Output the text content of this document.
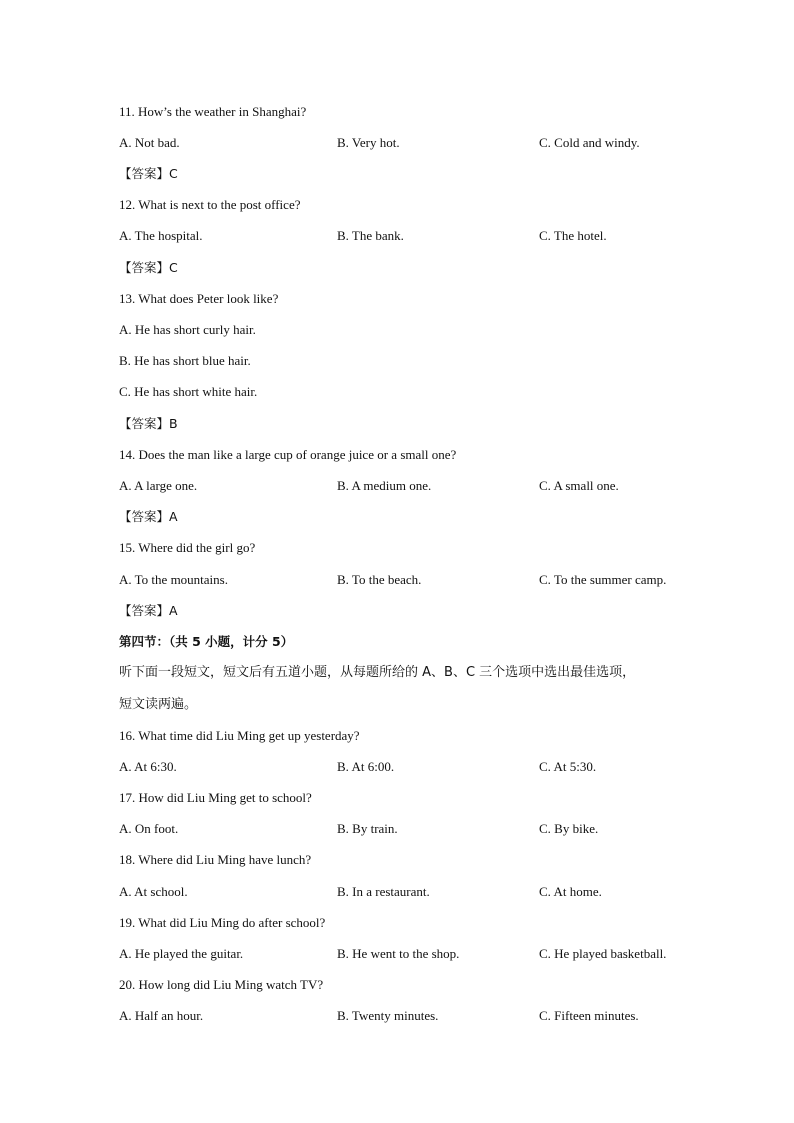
11. How’s the weather in Shanghai?
A. Not bad.	B. Very hot.	C. Cold and windy.
【答案】C
12. What is next to the post office?
A. The hospital.	B. The bank.	C. The hotel.
【答案】C
13. What does Peter look like?
A. He has short curly hair.
B. He has short blue hair.
C. He has short white hair.
【答案】B
14. Does the man like a large cup of orange juice or a small one?
A. A large one.	B. A medium one.	C. A small one.
【答案】A
15. Where did the girl go?
A. To the mountains.	B. To the beach.	C. To the summer camp.
【答案】A
第四节：（共 5 小题，计分 5）
听下面一段短文，短文后有五道小题，从每题所给的 A、B、C 三个选项中选出最佳选项，
短文读两遍。
16. What time did Liu Ming get up yesterday?
A. At 6:30.	B. At 6:00.	C. At 5:30.
17. How did Liu Ming get to school?
A. On foot.	B. By train.	C. By bike.
18. Where did Liu Ming have lunch?
A. At school.	B. In a restaurant.	C. At home.
19. What did Liu Ming do after school?
A. He played the guitar.	B. He went to the shop.	C. He played basketball.
20. How long did Liu Ming watch TV?
A. Half an hour.	B. Twenty minutes.	C. Fifteen minutes.
